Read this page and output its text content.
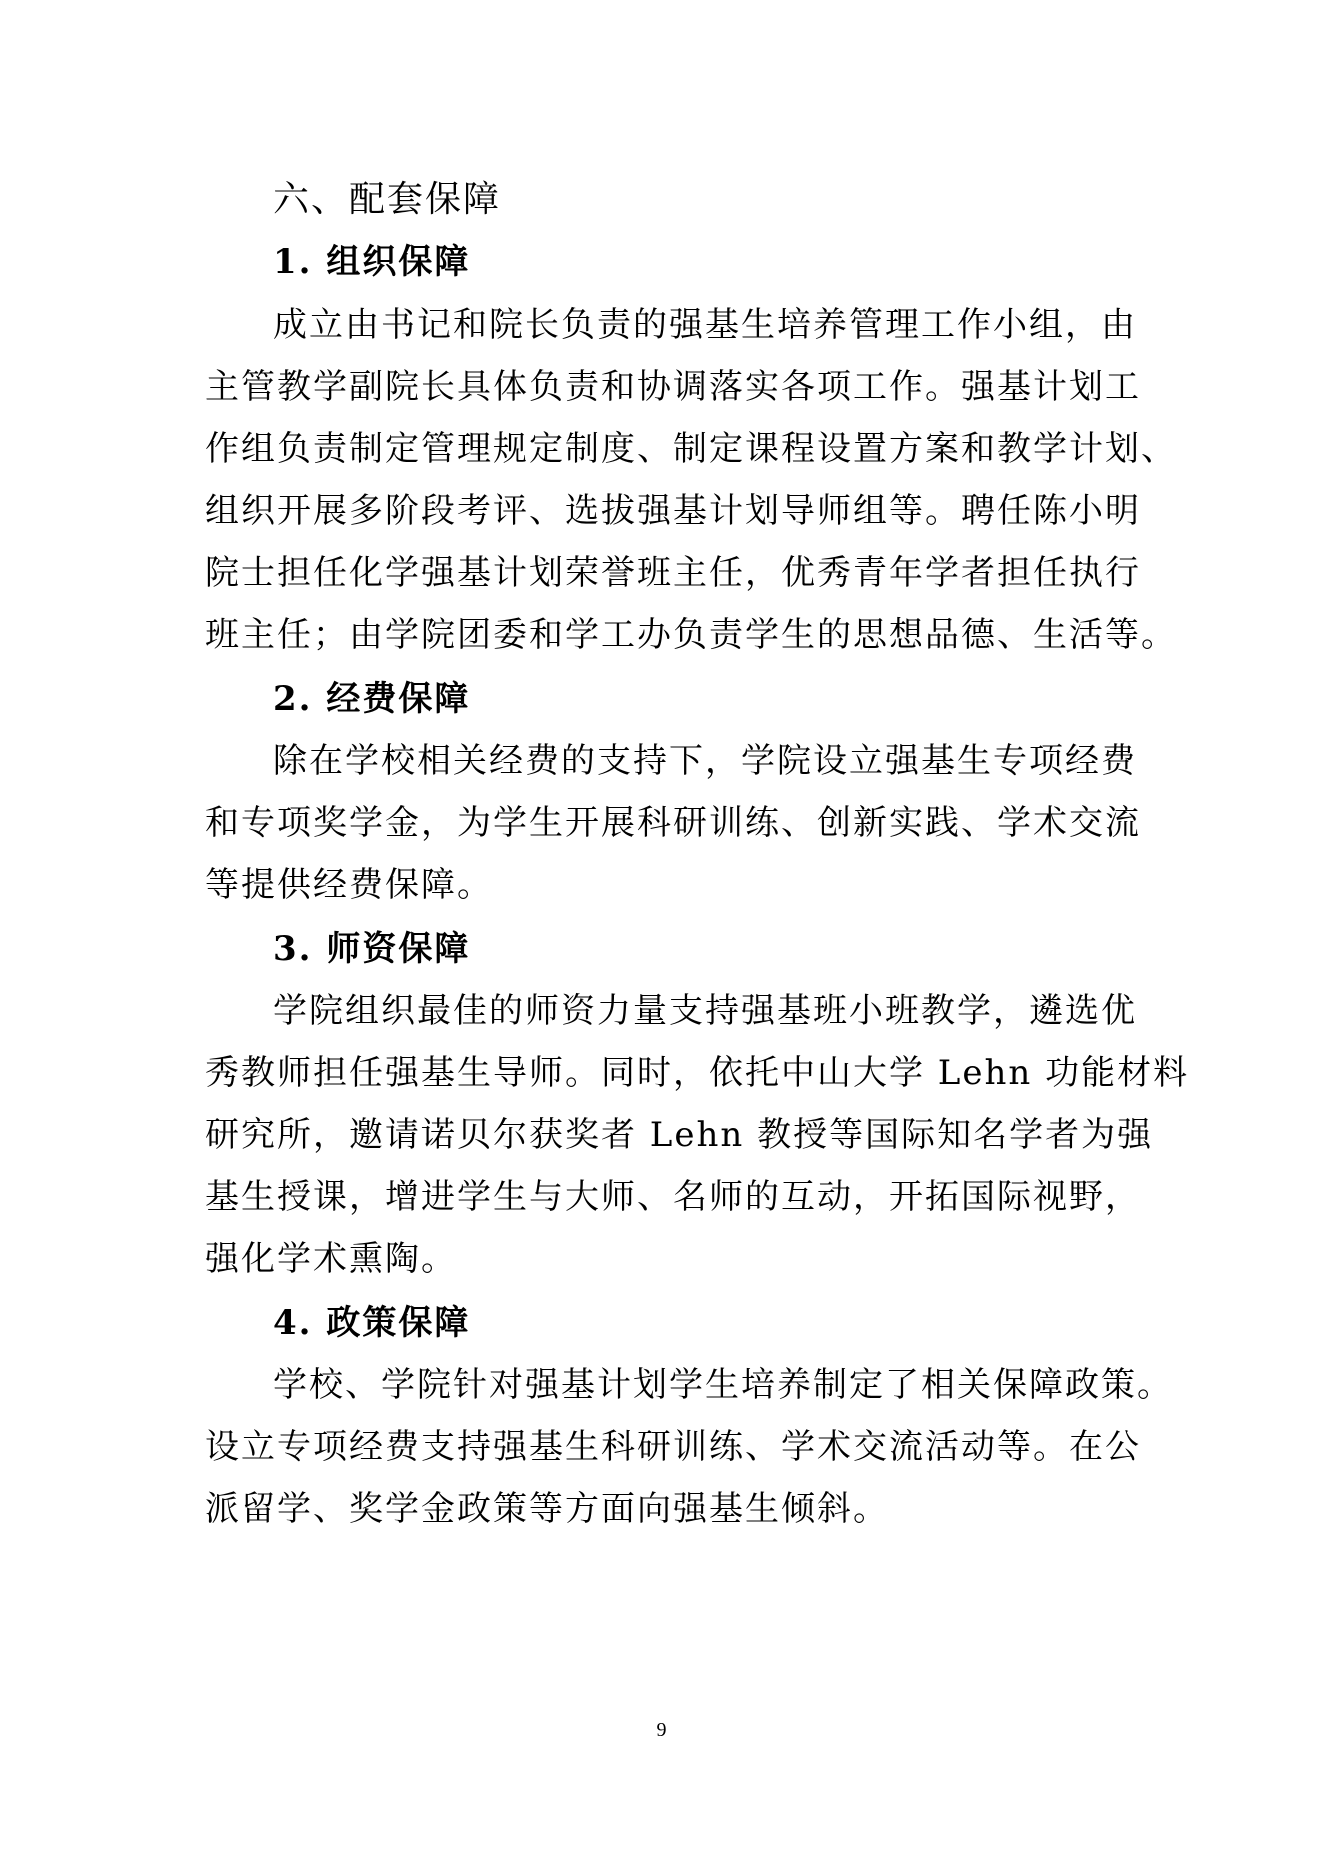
六、配套保障
1. 组织保障
成立由书记和院长负责的强基生培养管理工作小组，由
主管教学副院长具体负责和协调落实各项工作。强基计划工
作组负责制定管理规定制度、制定课程设置方案和教学计划、
组织开展多阶段考评、选拔强基计划导师组等。聘任陈小明
院士担任化学强基计划荣誉班主任，优秀青年学者担任执行
班主任；由学院团委和学工办负责学生的思想品德、生活等。
2. 经费保障
除在学校相关经费的支持下，学院设立强基生专项经费
和专项奖学金，为学生开展科研训练、创新实践、学术交流
等提供经费保障。
3. 师资保障
学院组织最佳的师资力量支持强基班小班教学，遴选优
秀教师担任强基生导师。同时，依托中山大学 Lehn 功能材料
研究所，邀请诺贝尔获奖者 Lehn 教授等国际知名学者为强
基生授课，增进学生与大师、名师的互动，开拓国际视野，
强化学术熏陶。
4. 政策保障
学校、学院针对强基计划学生培养制定了相关保障政策。
设立专项经费支持强基生科研训练、学术交流活动等。在公
派留学、奖学金政策等方面向强基生倾斜。
9
